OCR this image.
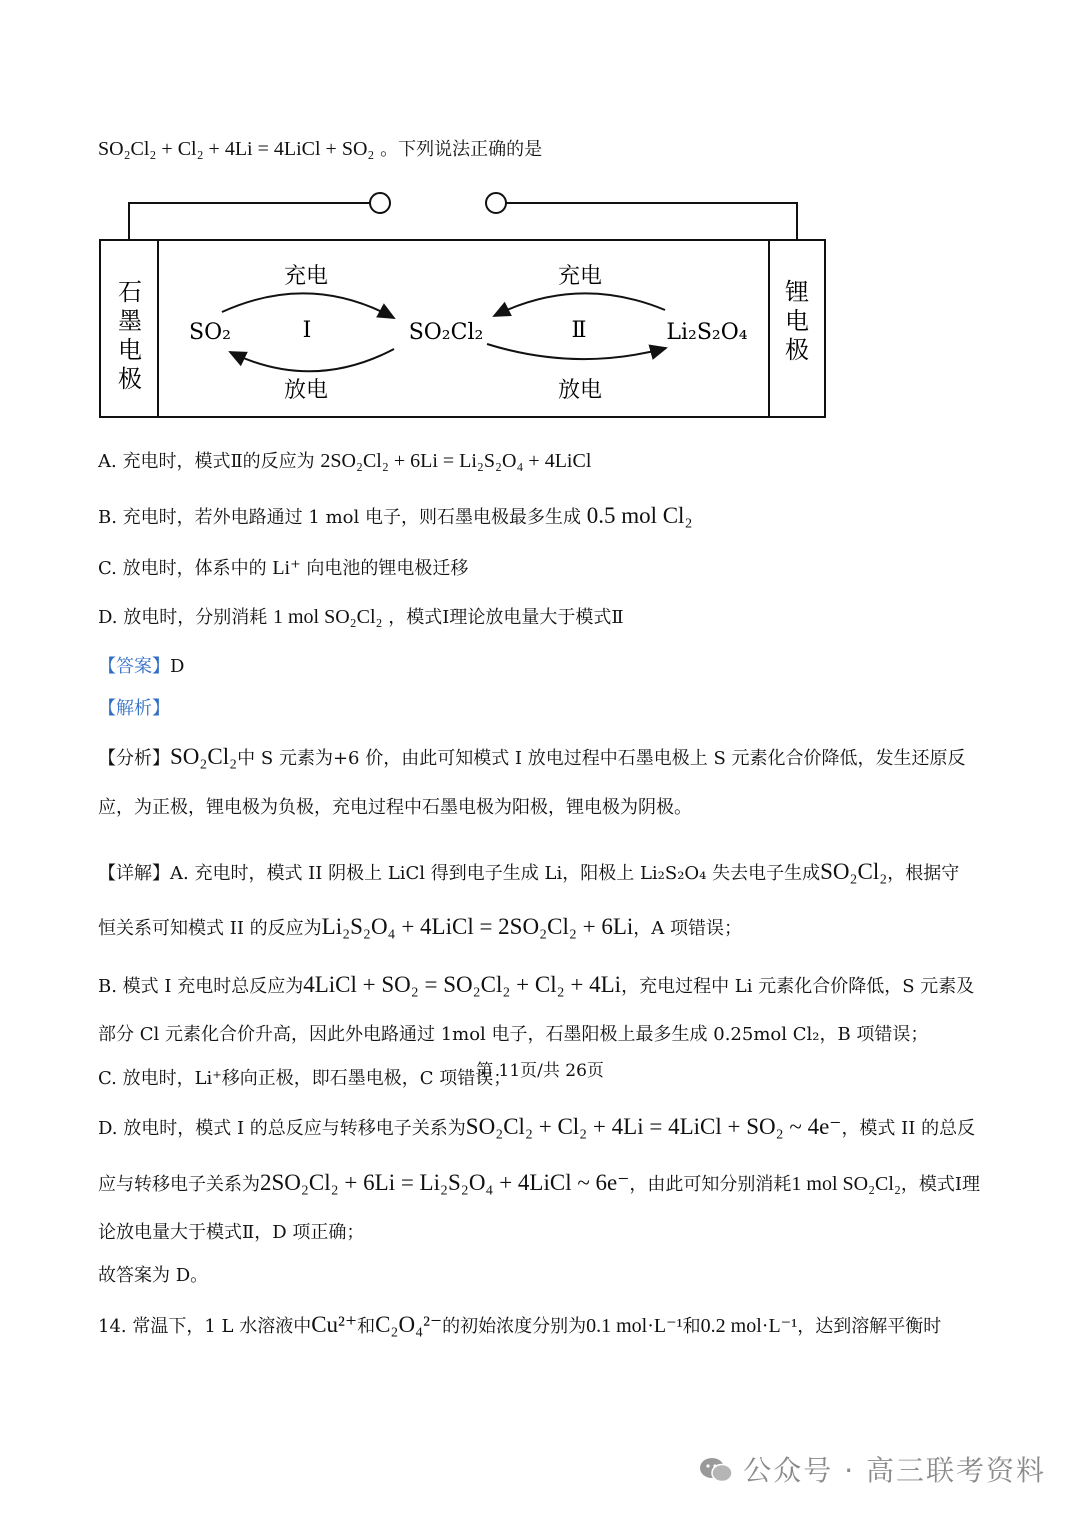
SO₂Cl₂ + Cl₂ + 4Li = 4LiCl + SO₂ 。下列说法正确的是
石墨电极
锂电极
充电	充电
放电	放电
SO₂	SO₂Cl₂	Li₂S₂O₄
I	Ⅱ
A. 充电时，模式Ⅱ的反应为 2SO₂Cl₂ + 6Li = Li₂S₂O₄ + 4LiCl
B. 充电时，若外电路通过 1 mol 电子，则石墨电极最多生成 0.5 mol Cl₂
C. 放电时，体系中的 Li⁺ 向电池的锂电极迁移
D. 放电时，分别消耗 1 mol SO₂Cl₂ ，模式Ⅰ理论放电量大于模式Ⅱ
【答案】D
【解析】
【分析】SO₂Cl₂中 S 元素为+6 价，由此可知模式 I 放电过程中石墨电极上 S 元素化合价降低，发生还原反
应，为正极，锂电极为负极，充电过程中石墨电极为阳极，锂电极为阴极。
【详解】A. 充电时，模式 II 阴极上 LiCl 得到电子生成 Li，阳极上 Li₂S₂O₄ 失去电子生成SO₂Cl₂，根据守
恒关系可知模式 II 的反应为Li₂S₂O₄ + 4LiCl = 2SO₂Cl₂ + 6Li，A 项错误；
B. 模式 I 充电时总反应为4LiCl + SO₂ = SO₂Cl₂ + Cl₂ + 4Li，充电过程中 Li 元素化合价降低，S 元素及
部分 Cl 元素化合价升高，因此外电路通过 1mol 电子，石墨阳极上最多生成 0.25mol Cl₂，B 项错误；
C. 放电时，Li⁺移向正极，即石墨电极，C 项错误；
D. 放电时，模式 I 的总反应与转移电子关系为SO₂Cl₂ + Cl₂ + 4Li = 4LiCl + SO₂ ~ 4e⁻，模式 II 的总反
应与转移电子关系为2SO₂Cl₂ + 6Li = Li₂S₂O₄ + 4LiCl ~ 6e⁻，由此可知分别消耗1 mol SO₂Cl₂，模式Ⅰ理
论放电量大于模式Ⅱ，D 项正确；
故答案为 D。
14. 常温下，1 L 水溶液中Cu²⁺和C₂O₄²⁻的初始浓度分别为0.1 mol·L⁻¹和0.2 mol·L⁻¹，达到溶解平衡时
第 11页/共 26页
公众号 · 高三联考资料
